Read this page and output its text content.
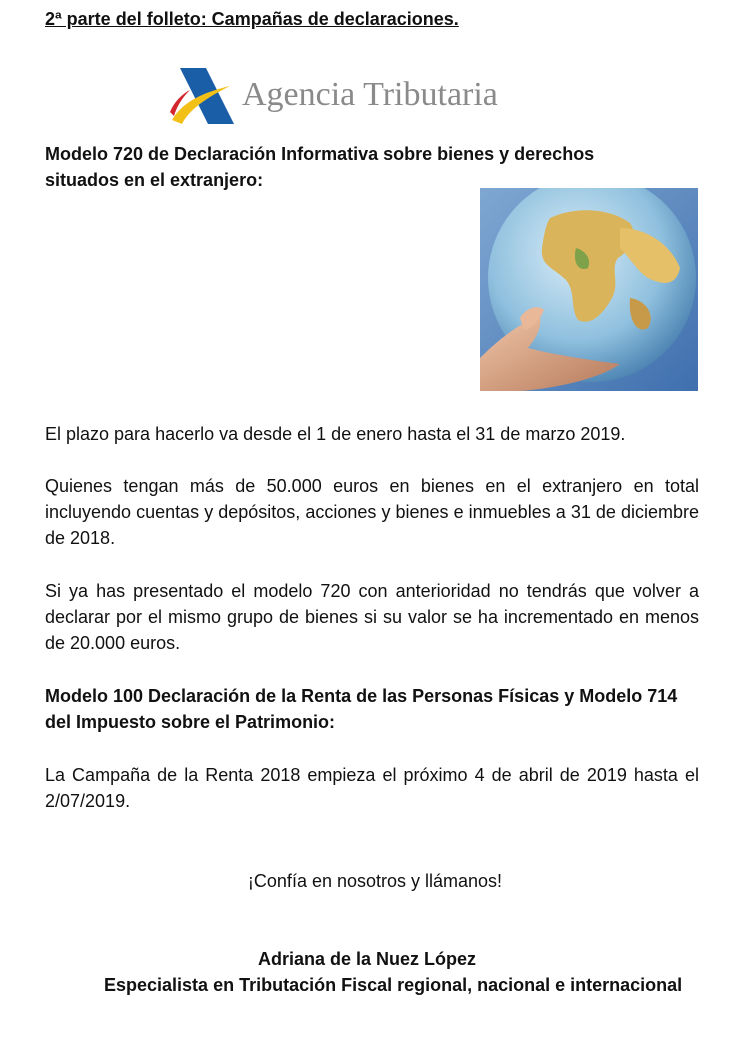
2ª parte del folleto: Campañas de declaraciones.
Agencia Tributaria
Modelo 720 de Declaración Informativa sobre bienes y derechos situados en el extranjero:
El plazo para hacerlo va desde el 1 de enero hasta el 31 de marzo 2019.
Quienes tengan más de 50.000 euros en bienes en el extranjero en total incluyendo cuentas y depósitos, acciones y bienes e inmuebles a 31 de diciembre de 2018.
Si ya has presentado el modelo 720 con anterioridad no tendrás que volver a declarar por el mismo grupo de bienes si su valor se ha incrementado en menos de 20.000 euros.
Modelo 100 Declaración de la Renta de las Personas Físicas y Modelo 714 del Impuesto sobre el Patrimonio:
La Campaña de la Renta 2018 empieza el próximo 4 de abril de 2019 hasta el 2/07/2019.
¡Confía en nosotros y llámanos!
Adriana de la Nuez López
Especialista en Tributación Fiscal regional, nacional e internacional
